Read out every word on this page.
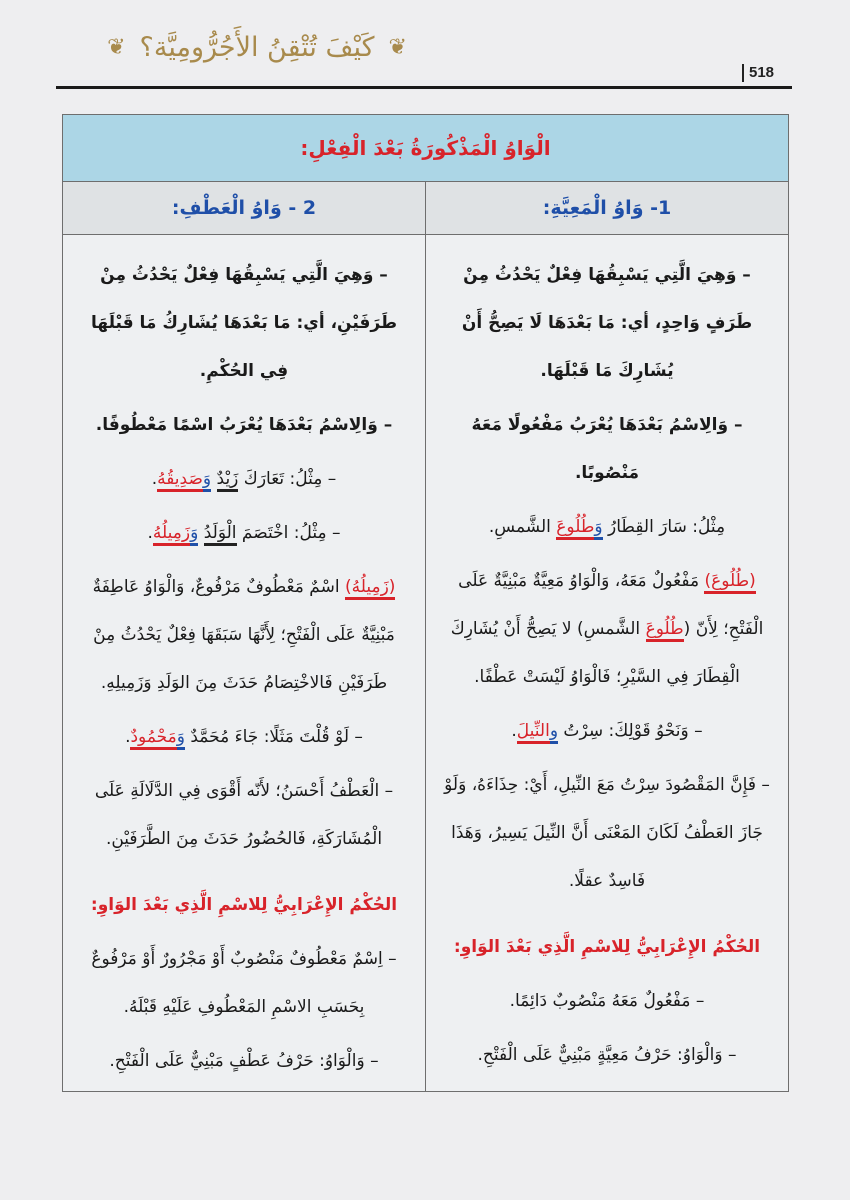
❦
كَيْفَ تُتْقِنُ الأَجُرُّومِيَّة؟
❦
518
الْوَاوُ الْمَذْكُورَةُ بَعْدَ الْفِعْلِ:
1- وَاوُ الْمَعِيَّةِ:
2 - وَاوُ الْعَطْفِ:

– وَهِيَ الَّتِي يَسْبِقُهَا فِعْلٌ يَحْدُثُ مِنْ طَرَفٍ وَاحِدٍ، أي: مَا بَعْدَهَا لَا يَصِحُّ أَنْ يُشَارِكَ مَا قَبْلَهَا.

– وَالِاسْمُ بَعْدَهَا يُعْرَبُ مَفْعُولًا مَعَهُ مَنْصُوبًا.

مِثْلُ: سَارَ القِطَارُ وَطُلُوعَ الشَّمسِ.

(طُلُوعَ) مَفْعُولٌ مَعَهُ، وَالْوَاوُ مَعِيَّةٌ مَبْنِيَّةٌ عَلَى الْفَتْحِ؛ لِأَنّ (طُلُوعَ الشَّمسِ) لا يَصِحُّ أَنْ يُشَارِكَ الْقِطَارَ فِي السَّيْرِ؛ فَالْوَاوُ لَيْسَتْ عَطْفًا.

– وَنَحْوُ قَوْلِكَ: سِرْتُ والنِّيلَ.

– فَإِنَّ المَقْصُودَ سِرْتُ مَعَ النِّيلِ، أَيْ: حِذَاءَهُ، وَلَوْ جَازَ العَطْفُ لَكَانَ المَعْنَى أَنَّ النِّيلَ يَسِيرُ، وَهَذَا فَاسِدٌ عقلًا.

الحُكْمُ الإِعْرَابِيُّ لِلاسْمِ الَّذِي بَعْدَ الوَاوِ:

– مَفْعُولٌ مَعَهُ مَنْصُوبٌ دَائِمًا.

– وَالْوَاوُ: حَرْفُ مَعِيَّةٍ مَبْنِيٌّ عَلَى الْفَتْحِ.

– وَهِيَ الَّتِي يَسْبِقُهَا فِعْلٌ يَحْدُثُ مِنْ طَرَفَيْنِ، أي: مَا بَعْدَهَا يُشَارِكُ مَا قَبْلَهَا فِي الحُكْمِ.

– وَالِاسْمُ بَعْدَهَا يُعْرَبُ اسْمًا مَعْطُوفًا.

– مِثْلُ: تَعَارَكَ زَيْدٌ وَصَدِيقُهُ.

– مِثْلُ: اخْتَصَمَ الْوَلَدُ وَزَمِيلُهُ.

(زَمِيلُهُ) اسْمٌ مَعْطُوفٌ مَرْفُوعٌ، وَالْوَاوُ عَاطِفَةٌ مَبْنِيَّةٌ عَلَى الْفَتْحِ؛ لِأَنَّهَا سَبَقَهَا فِعْلٌ يَحْدُثُ مِنْ طَرَفَيْنِ فَالاخْتِصَامُ حَدَثَ مِنَ الوَلَدِ وَزَمِيلِهِ.

– لَوْ قُلْتَ مَثَلًا: جَاءَ مُحَمَّدٌ وَمَحْمُودٌ.

– الْعَطْفُ أَحْسَنُ؛ لأَنّه أَقْوَى فِي الدَّلَالَةِ عَلَى الْمُشَارَكَةِ، فَالحُضُورُ حَدَثَ مِنَ الطَّرَفَيْنِ.

الحُكْمُ الإِعْرَابِيُّ لِلاسْمِ الَّذِي بَعْدَ الوَاوِ:

– اِسْمٌ مَعْطُوفٌ مَنْصُوبٌ أَوْ مَجْرُورٌ أَوْ مَرْفُوعٌ بِحَسَبِ الاسْمِ المَعْطُوفِ عَلَيْهِ قَبْلَهُ.

– وَالْوَاوُ: حَرْفُ عَطْفٍ مَبْنِيٌّ عَلَى الْفَتْحِ.
